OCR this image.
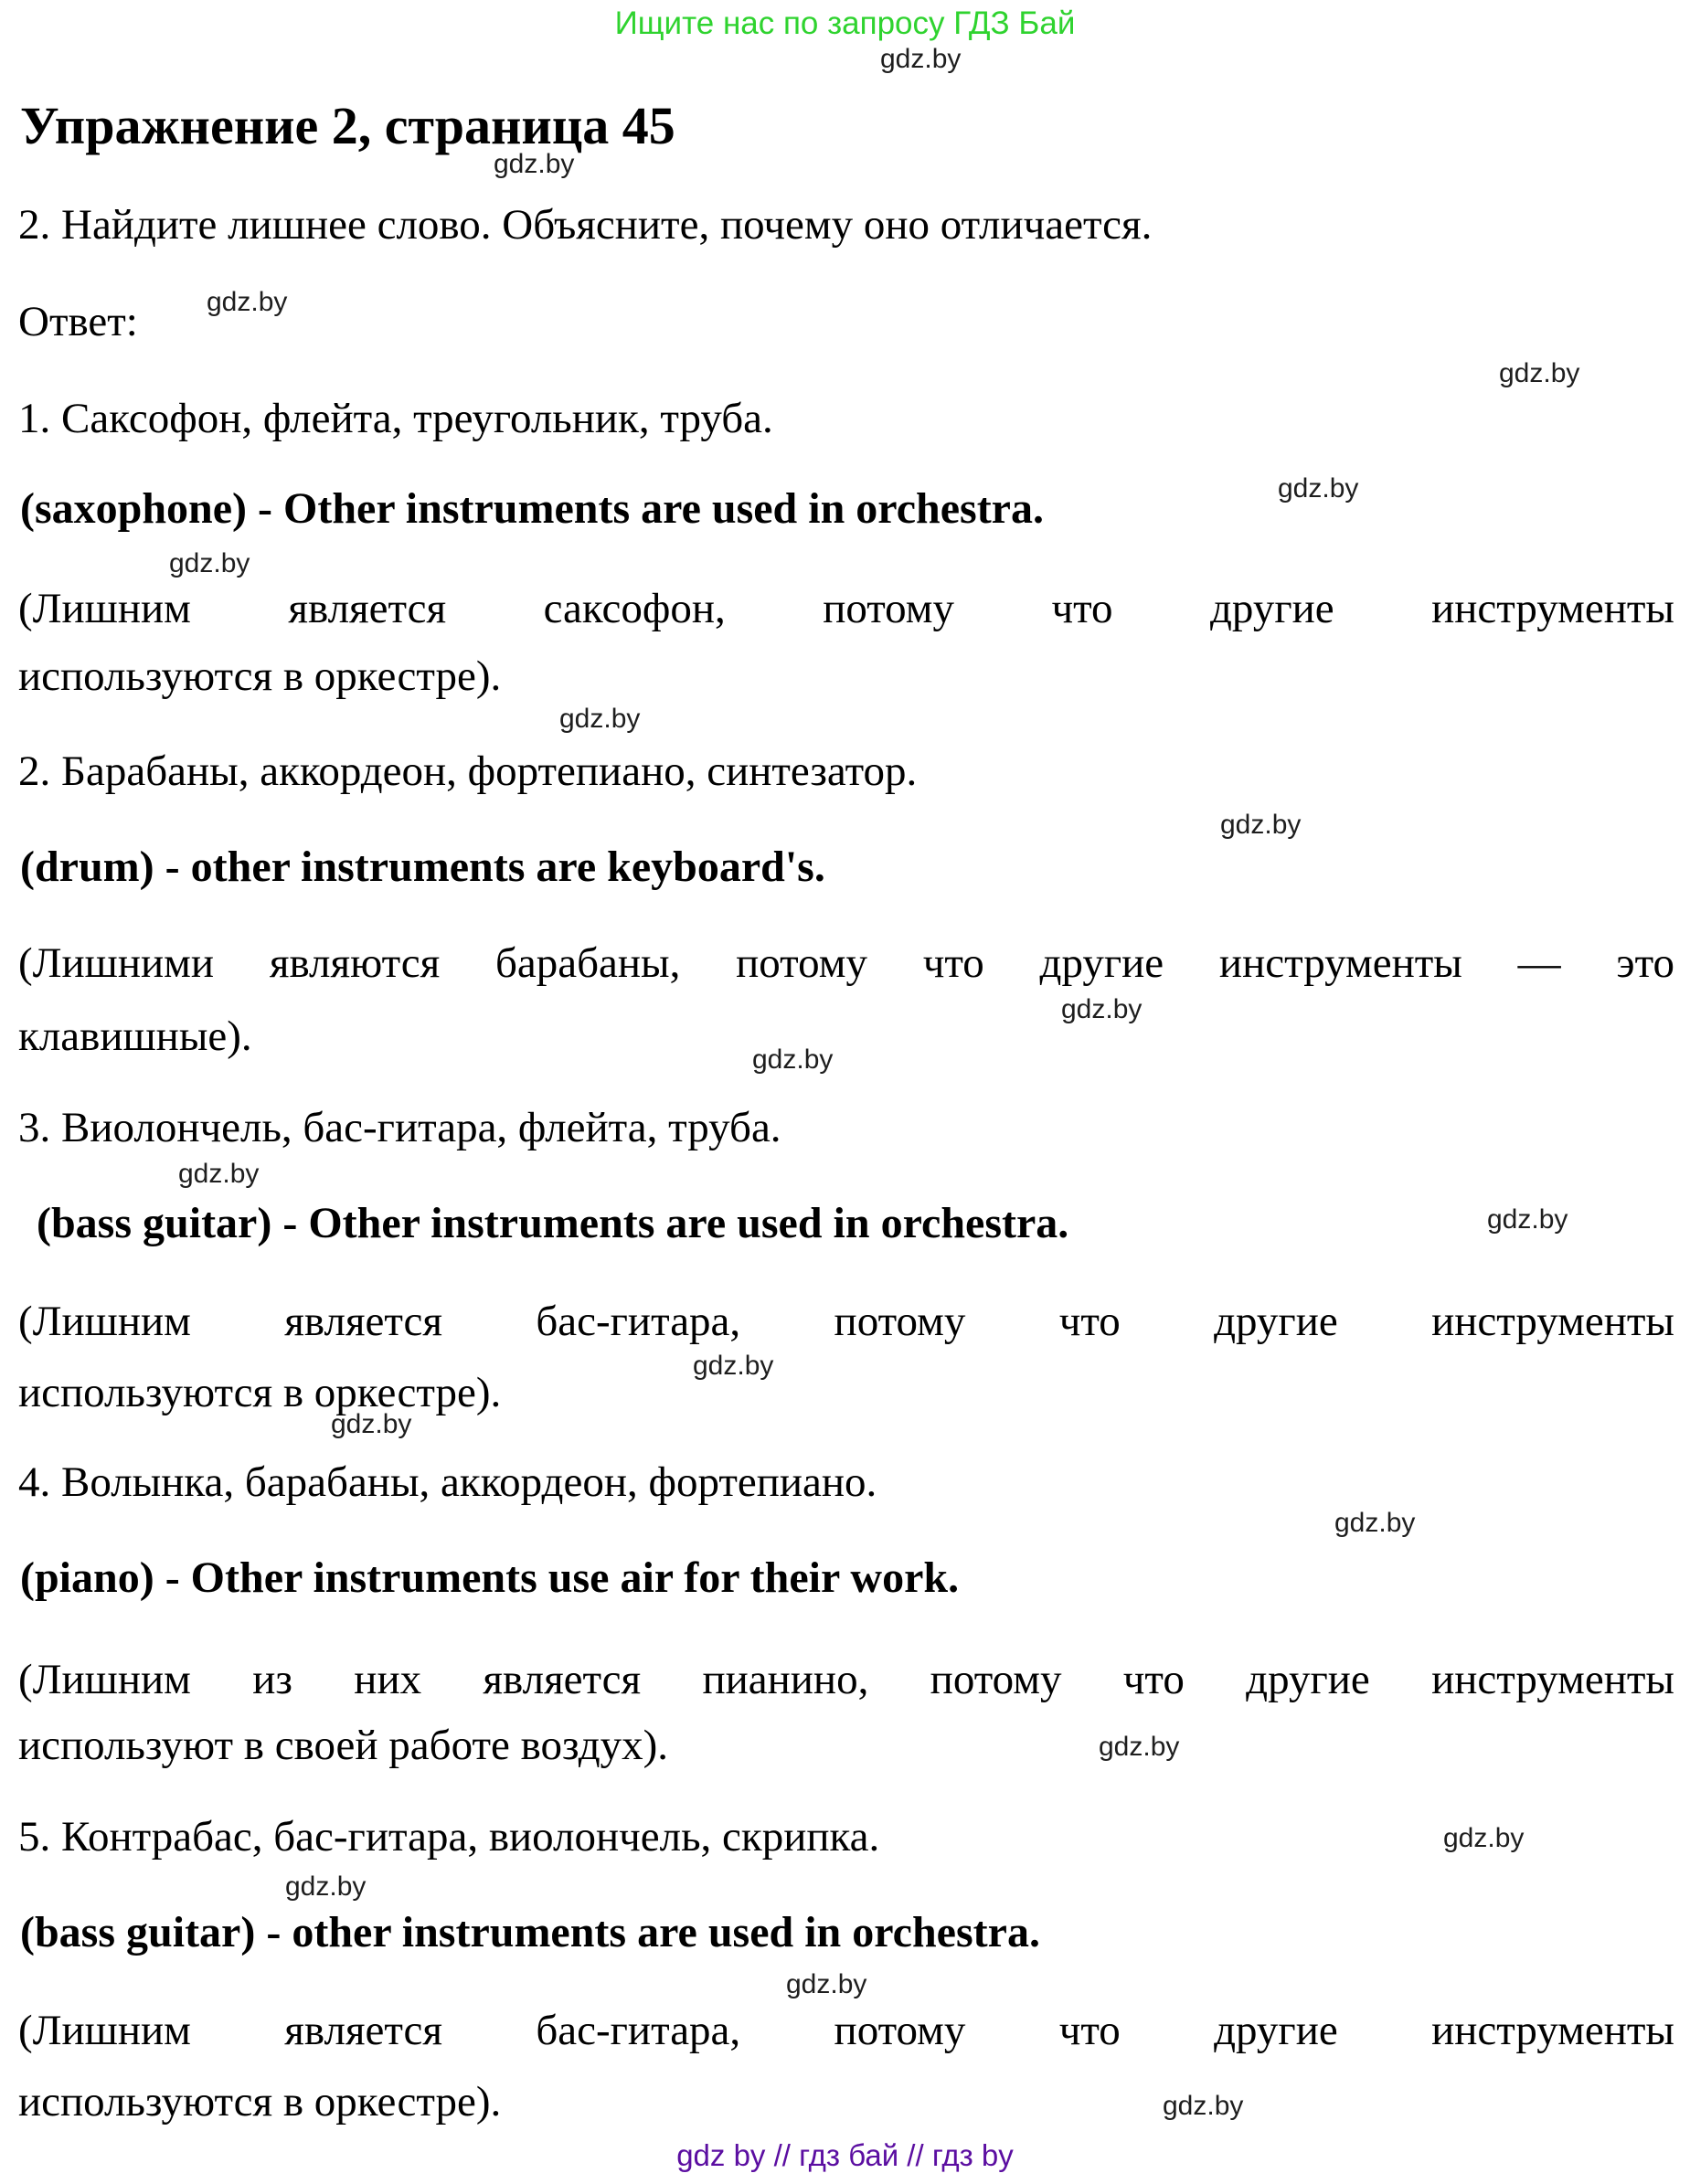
Ищите нас по запросу ГДЗ Бай
gdz.by
gdz.by
gdz.by
gdz.by
gdz.by
gdz.by
gdz.by
gdz.by
gdz.by
gdz.by
gdz.by
gdz.by
gdz.by
gdz.by
gdz.by
gdz.by
gdz.by
gdz.by
gdz.by
gdz.by
Упражнение 2, страница 45
2. Найдите лишнее слово. Объясните, почему оно отличается.
Ответ:
1. Саксофон, флейта, треугольник, труба.
(saxophone) - Other instruments are used in orchestra.
(Лишним является саксофон, потому что другие инструменты
используются в оркестре).
2. Барабаны, аккордеон, фортепиано, синтезатор.
(drum) - other instruments are keyboard's.
(Лишними являются барабаны, потому что другие инструменты — это
клавишные).
3. Виолончель, бас-гитара, флейта, труба.
(bass guitar) - Other instruments are used in orchestra.
(Лишним является бас-гитара, потому что другие инструменты
используются в оркестре).
4. Волынка, барабаны, аккордеон, фортепиано.
(piano) - Other instruments use air for their work.
(Лишним из них является пианино, потому что другие инструменты
используют в своей работе воздух).
5. Контрабас, бас-гитара, виолончель, скрипка.
(bass guitar) - other instruments are used in orchestra.
(Лишним является бас-гитара, потому что другие инструменты
используются в оркестре).
gdz by // гдз бай // гдз by
